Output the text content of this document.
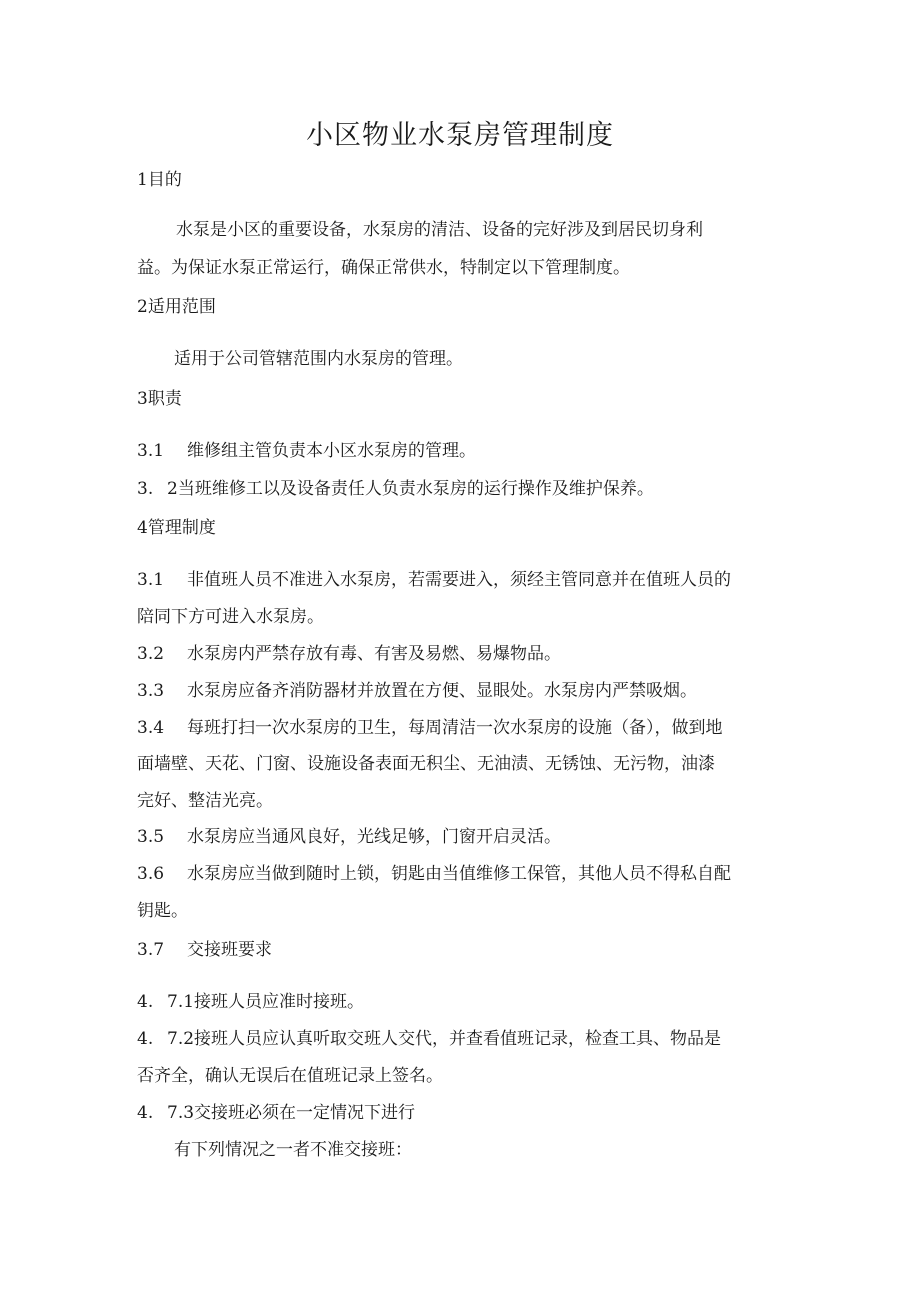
小区物业水泵房管理制度
1目的
水泵是小区的重要设备，水泵房的清洁、设备的完好涉及到居民切身利
益。为保证水泵正常运行，确保正常供水，特制定以下管理制度。
2适用范围
适用于公司管辖范围内水泵房的管理。
3职责
3.1 维修组主管负责本小区水泵房的管理。
3. 2当班维修工以及设备责任人负责水泵房的运行操作及维护保养。
4管理制度
3.1 非值班人员不准进入水泵房，若需要进入，须经主管同意并在值班人员的
陪同下方可进入水泵房。
3.2 水泵房内严禁存放有毒、有害及易燃、易爆物品。
3.3 水泵房应备齐消防器材并放置在方便、显眼处。水泵房内严禁吸烟。
3.4 每班打扫一次水泵房的卫生，每周清洁一次水泵房的设施（备），做到地
面墙壁、天花、门窗、设施设备表面无积尘、无油渍、无锈蚀、无污物，油漆
完好、整洁光亮。
3.5 水泵房应当通风良好，光线足够，门窗开启灵活。
3.6 水泵房应当做到随时上锁，钥匙由当值维修工保管，其他人员不得私自配
钥匙。
3.7 交接班要求
4. 7.1接班人员应准时接班。
4. 7.2接班人员应认真听取交班人交代，并查看值班记录，检查工具、物品是
否齐全，确认无误后在值班记录上签名。
4. 7.3交接班必须在一定情况下进行
有下列情况之一者不准交接班：
